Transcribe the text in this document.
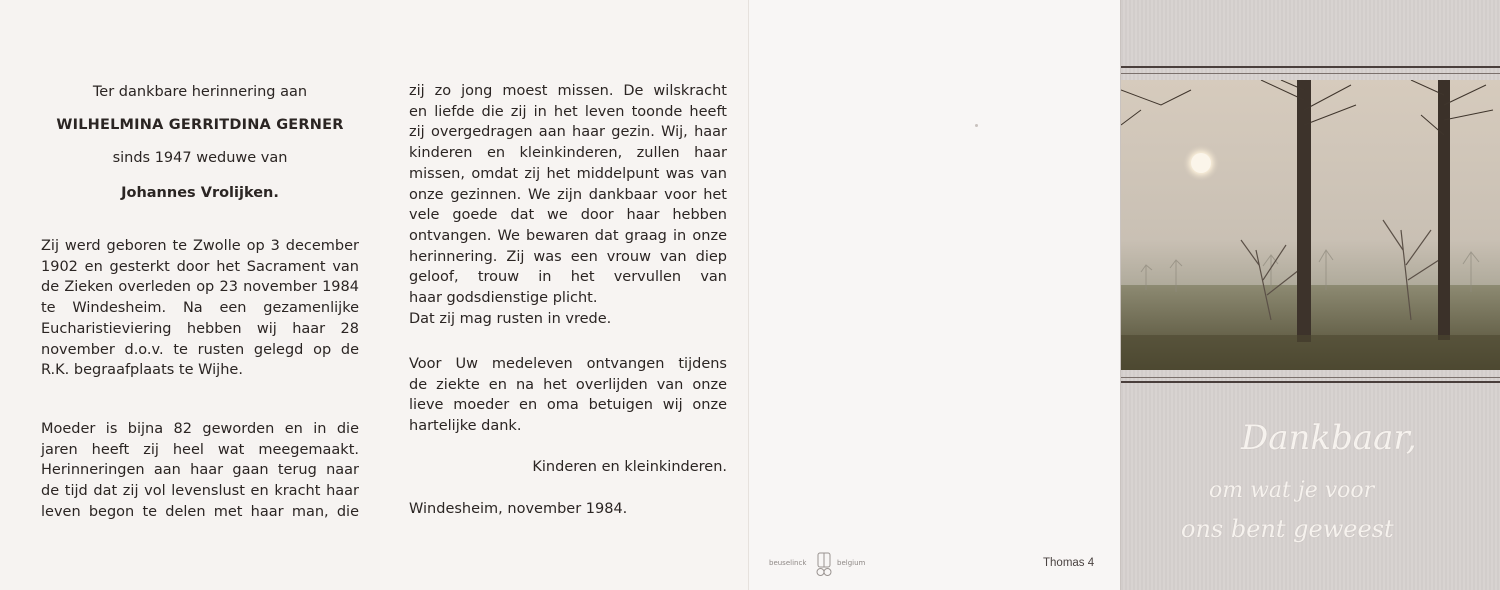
Ter dankbare herinnering aan
WILHELMINA GERRITDINA GERNER
sinds 1947 weduwe van
Johannes Vrolijken.
Zij werd geboren te Zwolle op 3 december
1902 en gesterkt door het Sacrament van
de Zieken overleden op 23 november 1984
te Windesheim. Na een gezamenlijke
Eucharistieviering hebben wij haar 28
november d.o.v. te rusten gelegd op de
R.K. begraafplaats te Wijhe.
Moeder is bijna 82 geworden en in die
jaren heeft zij heel wat meegemaakt.
Herinneringen aan haar gaan terug naar
de tijd dat zij vol levenslust en kracht haar
leven begon te delen met haar man, die
zij zo jong moest missen. De wilskracht
en liefde die zij in het leven toonde heeft
zij overgedragen aan haar gezin. Wij, haar
kinderen en kleinkinderen, zullen haar
missen, omdat zij het middelpunt was van
onze gezinnen. We zijn dankbaar voor het
vele goede dat we door haar hebben
ontvangen. We bewaren dat graag in onze
herinnering. Zij was een vrouw van diep
geloof, trouw in het vervullen van
haar godsdienstige plicht.
Dat zij mag rusten in vrede.
Voor Uw medeleven ontvangen tijdens
de ziekte en na het overlijden van onze
lieve moeder en oma betuigen wij onze
hartelijke dank.
Kinderen en kleinkinderen.
Windesheim, november 1984.
beuselinck	belgium	Thomas 4
Dankbaar,
om wat je voor
ons bent geweest
